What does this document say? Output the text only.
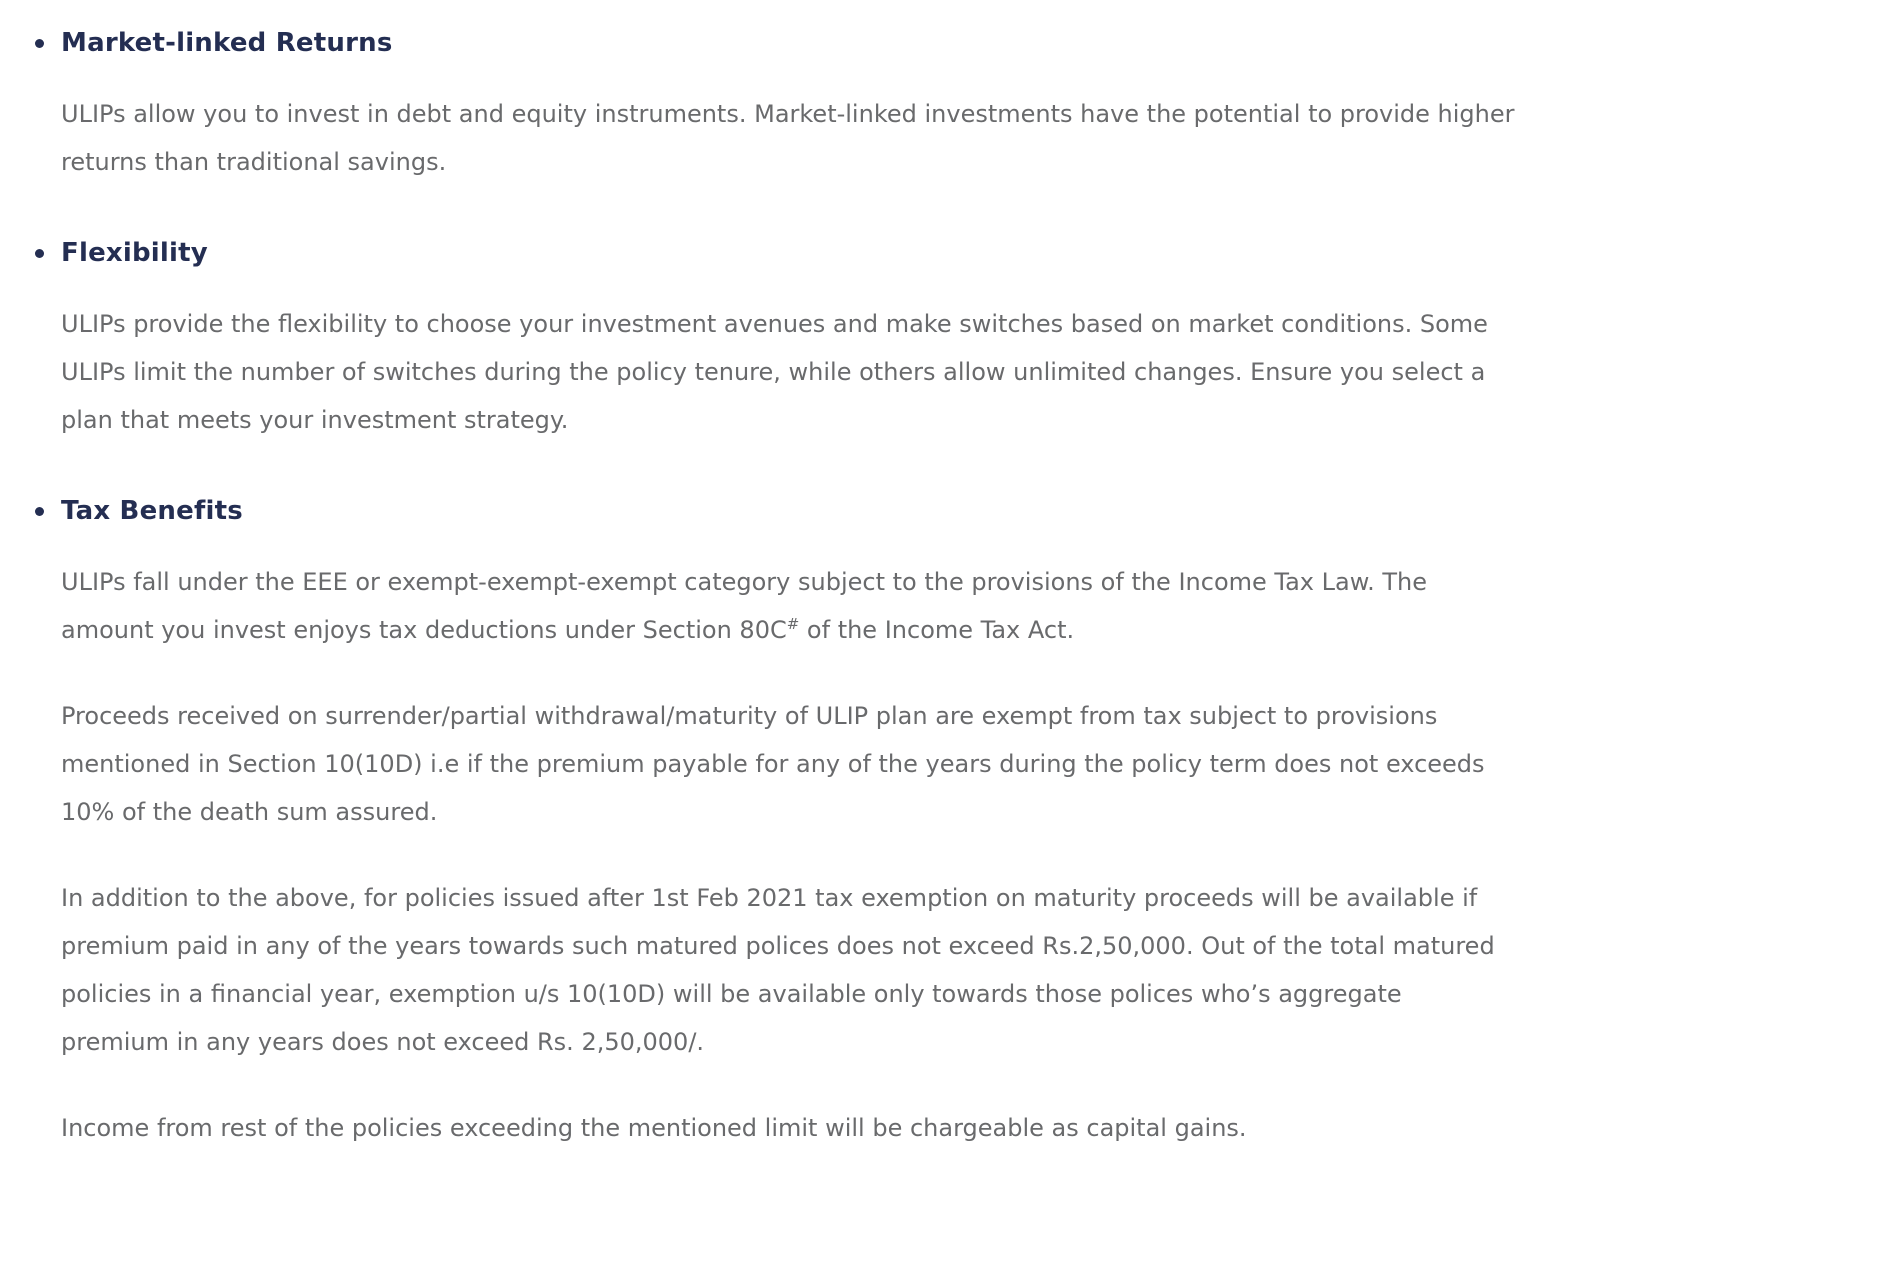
Market-linked Returns

ULIPs allow you to invest in debt and equity instruments. Market-linked investments have the potential to provide higher returns than traditional savings.

Flexibility

ULIPs provide the flexibility to choose your investment avenues and make switches based on market conditions. Some ULIPs limit the number of switches during the policy tenure, while others allow unlimited changes. Ensure you select a plan that meets your investment strategy.

Tax Benefits

ULIPs fall under the EEE or exempt-exempt-exempt category subject to the provisions of the Income Tax Law. The amount you invest enjoys tax deductions under Section 80C# of the Income Tax Act.

Proceeds received on surrender/partial withdrawal/maturity of ULIP plan are exempt from tax subject to provisions mentioned in Section 10(10D) i.e if the premium payable for any of the years during the policy term does not exceeds 10% of the death sum assured.

In addition to the above, for policies issued after 1st Feb 2021 tax exemption on maturity proceeds will be available if premium paid in any of the years towards such matured polices does not exceed Rs.2,50,000. Out of the total matured policies in a financial year, exemption u/s 10(10D) will be available only towards those polices who’s aggregate premium in any years does not exceed Rs. 2,50,000/.

Income from rest of the policies exceeding the mentioned limit will be chargeable as capital gains.
